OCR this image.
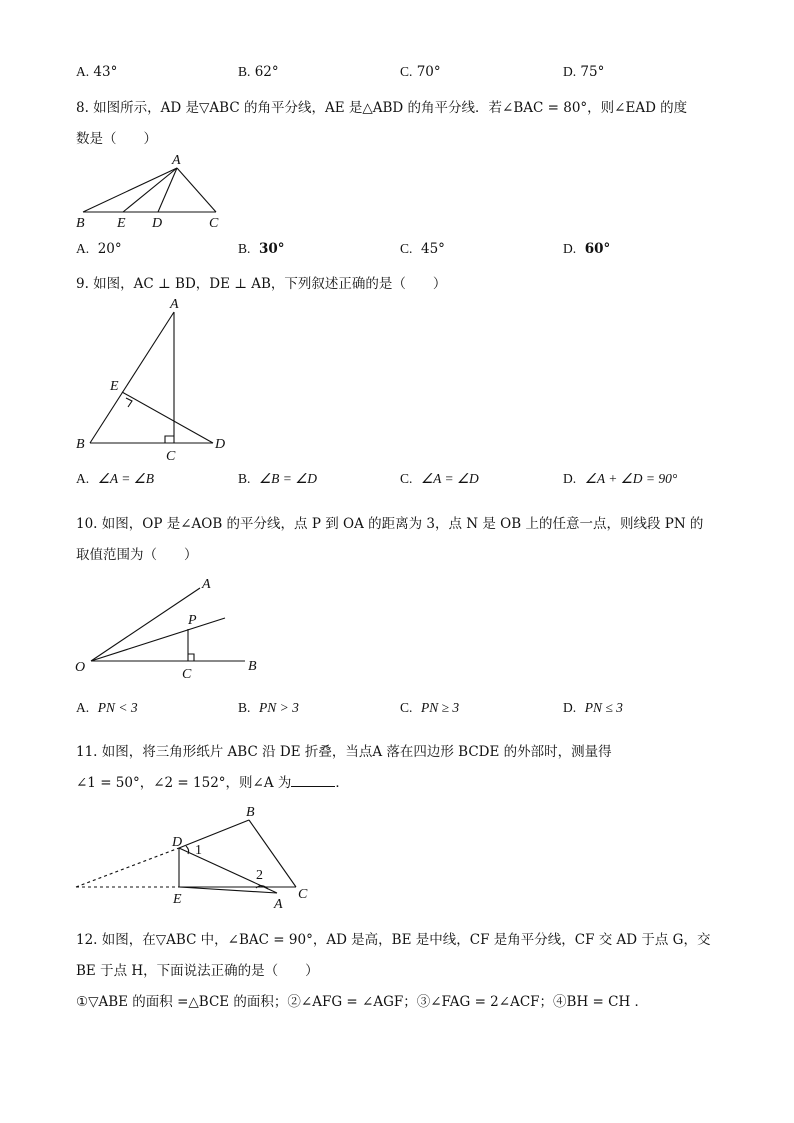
A. 43°	B. 62°	C. 70°	D. 75°
8. 如图所示，AD 是▽ABC 的角平分线，AE 是△ABD 的角平分线．若∠BAC = 80°，则∠EAD 的度
数是（　　）
A
B E D	C
A. 20°	B. 30°	C. 45°	D. 60°
9. 如图，AC ⊥ BD，DE ⊥ AB，下列叙述正确的是（　　）
A
E
B
C
D
A. ∠A = ∠B	B. ∠B = ∠D	C. ∠A = ∠D	D. ∠A + ∠D = 90°
10. 如图，OP 是∠AOB 的平分线，点 P 到 OA 的距离为 3，点 N 是 OB 上的任意一点，则线段 PN 的
取值范围为（　　）
A
P
O	C
B
A. PN < 3	B. PN > 3	C. PN ≥ 3	D. PN ≤ 3
11. 如图，将三角形纸片 ABC 沿 DE 折叠，当点A 落在四边形 BCDE 的外部时，测量得
∠1 = 50°，∠2 = 152°，则∠A 为	．
B
D
1
2
E	A
C
12. 如图，在▽ABC 中，∠BAC = 90°，AD 是高，BE 是中线，CF 是角平分线，CF 交 AD 于点 G，交
BE 于点 H，下面说法正确的是（　　）
①▽ABE 的面积 =△BCE 的面积；②∠AFG = ∠AGF；③∠FAG = 2∠ACF；④BH = CH ．
